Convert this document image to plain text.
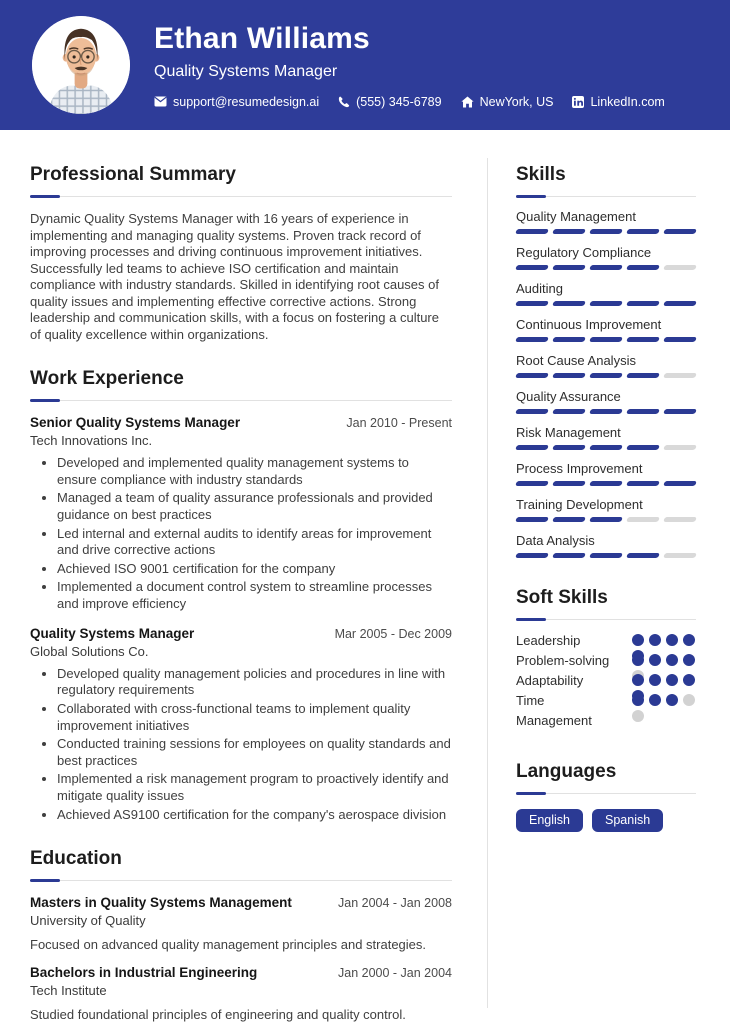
Ethan Williams
Quality Systems Manager
support@resumedesign.ai	(555) 345-6789	NewYork, US	LinkedIn.com
Professional Summary

Dynamic Quality Systems Manager with 16 years of experience in implementing and managing quality systems. Proven track record of improving processes and driving continuous improvement initiatives. Successfully led teams to achieve ISO certification and maintain compliance with industry standards. Skilled in identifying root causes of quality issues and implementing effective corrective actions. Strong leadership and communication skills, with a focus on fostering a culture of quality excellence within organizations.

Work Experience
Senior Quality Systems Manager	Jan 2010 - Present
Tech Innovations Inc.
• Developed and implemented quality management systems to ensure compliance with industry standards
• Managed a team of quality assurance professionals and provided guidance on best practices
• Led internal and external audits to identify areas for improvement and drive corrective actions
• Achieved ISO 9001 certification for the company
• Implemented a document control system to streamline processes and improve efficiency
Quality Systems Manager	Mar 2005 - Dec 2009
Global Solutions Co.
• Developed quality management policies and procedures in line with regulatory requirements
• Collaborated with cross-functional teams to implement quality improvement initiatives
• Conducted training sessions for employees on quality standards and best practices
• Implemented a risk management program to proactively identify and mitigate quality issues
• Achieved AS9100 certification for the company's aerospace division
Education
Masters in Quality Systems Management	Jan 2004 - Jan 2008
University of Quality
Focused on advanced quality management principles and strategies.
Bachelors in Industrial Engineering	Jan 2000 - Jan 2004
Tech Institute
Studied foundational principles of engineering and quality control.
Skills
Quality Management
Regulatory Compliance
Auditing
Continuous Improvement
Root Cause Analysis
Quality Assurance
Risk Management
Process Improvement
Training Development
Data Analysis
Soft Skills
Leadership
Problem-solving
Adaptability
Time Management
Languages
English	Spanish
